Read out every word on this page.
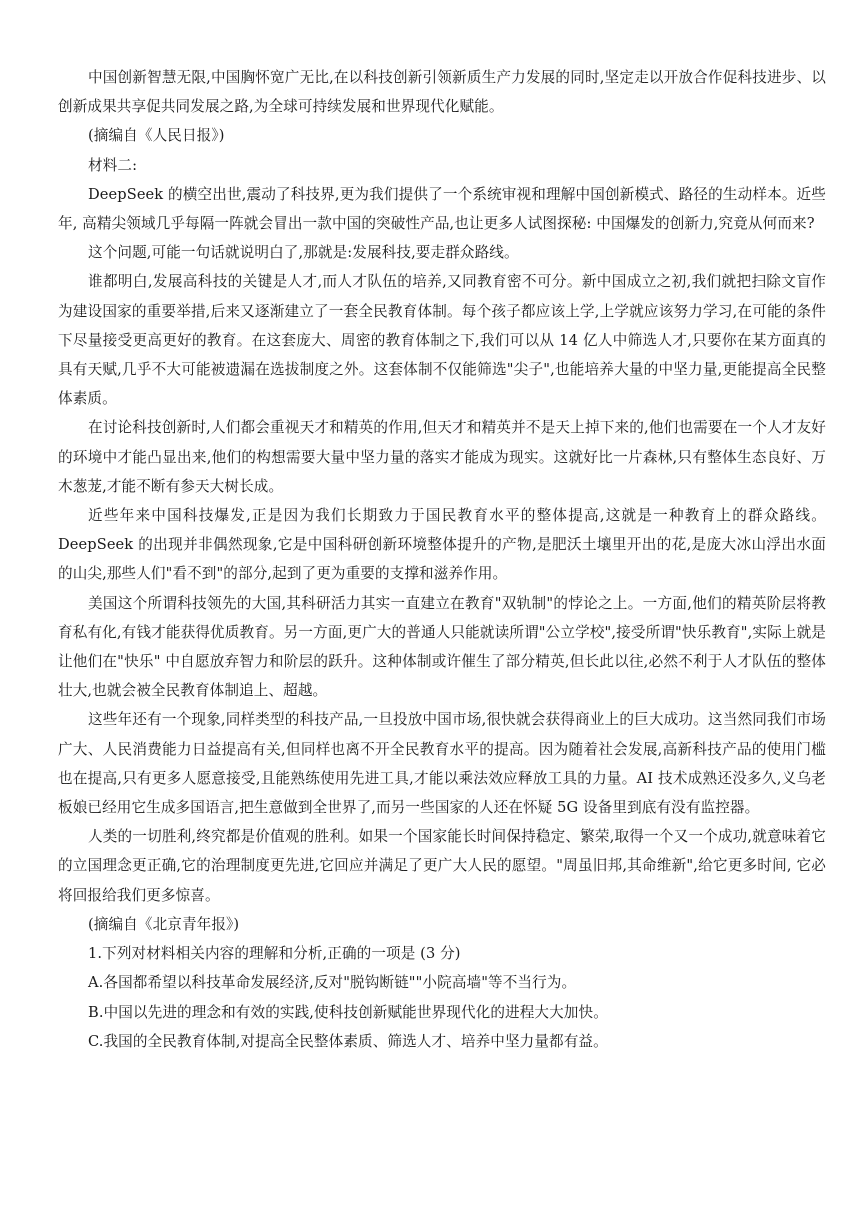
中国创新智慧无限,中国胸怀宽广无比,在以科技创新引领新质生产力发展的同时,坚定走以开放合作促科技进步、以创新成果共享促共同发展之路,为全球可持续发展和世界现代化赋能。

(摘编自《人民日报》)

材料二:

DeepSeek 的横空出世,震动了科技界,更为我们提供了一个系统审视和理解中国创新模式、路径的生动样本。近些年, 高精尖领域几乎每隔一阵就会冒出一款中国的突破性产品,也让更多人试图探秘: 中国爆发的创新力,究竟从何而来?

这个问题,可能一句话就说明白了,那就是:发展科技,要走群众路线。

谁都明白,发展高科技的关键是人才,而人才队伍的培养,又同教育密不可分。新中国成立之初,我们就把扫除文盲作为建设国家的重要举措,后来又逐渐建立了一套全民教育体制。每个孩子都应该上学,上学就应该努力学习,在可能的条件下尽量接受更高更好的教育。在这套庞大、周密的教育体制之下,我们可以从 14 亿人中筛选人才,只要你在某方面真的具有天赋,几乎不大可能被遗漏在选拔制度之外。这套体制不仅能筛选"尖子",也能培养大量的中坚力量,更能提高全民整体素质。

在讨论科技创新时,人们都会重视天才和精英的作用,但天才和精英并不是天上掉下来的,他们也需要在一个人才友好的环境中才能凸显出来,他们的构想需要大量中坚力量的落实才能成为现实。这就好比一片森林,只有整体生态良好、万木葱茏,才能不断有参天大树长成。

近些年来中国科技爆发,正是因为我们长期致力于国民教育水平的整体提高,这就是一种教育上的群众路线。DeepSeek 的出现并非偶然现象,它是中国科研创新环境整体提升的产物,是肥沃土壤里开出的花,是庞大冰山浮出水面的山尖,那些人们"看不到"的部分,起到了更为重要的支撑和滋养作用。

美国这个所谓科技领先的大国,其科研活力其实一直建立在教育"双轨制"的悖论之上。一方面,他们的精英阶层将教育私有化,有钱才能获得优质教育。另一方面,更广大的普通人只能就读所谓"公立学校",接受所谓"快乐教育",实际上就是让他们在"快乐" 中自愿放弃智力和阶层的跃升。这种体制或许催生了部分精英,但长此以往,必然不利于人才队伍的整体壮大,也就会被全民教育体制追上、超越。

这些年还有一个现象,同样类型的科技产品,一旦投放中国市场,很快就会获得商业上的巨大成功。这当然同我们市场广大、人民消费能力日益提高有关,但同样也离不开全民教育水平的提高。因为随着社会发展,高新科技产品的使用门槛也在提高,只有更多人愿意接受,且能熟练使用先进工具,才能以乘法效应释放工具的力量。AI 技术成熟还没多久,义乌老板娘已经用它生成多国语言,把生意做到全世界了,而另一些国家的人还在怀疑 5G 设备里到底有没有监控器。

人类的一切胜利,终究都是价值观的胜利。如果一个国家能长时间保持稳定、繁荣,取得一个又一个成功,就意味着它的立国理念更正确,它的治理制度更先进,它回应并满足了更广大人民的愿望。"周虽旧邦,其命维新",给它更多时间, 它必将回报给我们更多惊喜。

(摘编自《北京青年报》)

1.下列对材料相关内容的理解和分析,正确的一项是 (3 分)

A.各国都希望以科技革命发展经济,反对"脱钩断链""小院高墙"等不当行为。

B.中国以先进的理念和有效的实践,使科技创新赋能世界现代化的进程大大加快。

C.我国的全民教育体制,对提高全民整体素质、筛选人才、培养中坚力量都有益。
